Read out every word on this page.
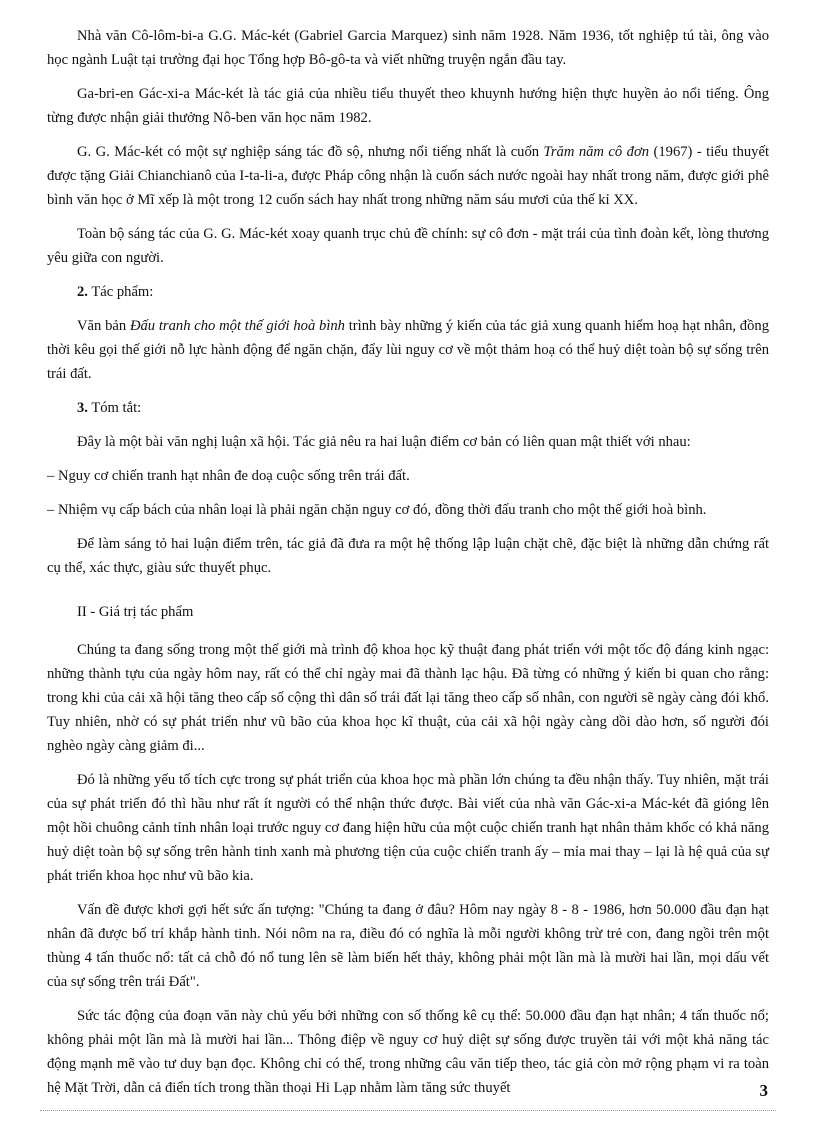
Nhà văn Cô-lôm-bi-a G.G. Mác-két (Gabriel Garcia Marquez) sinh năm 1928. Năm 1936, tốt nghiệp tú tài, ông vào học ngành Luật tại trường đại học Tổng hợp Bô-gô-ta và viết những truyện ngắn đầu tay.

Ga-bri-en Gác-xi-a Mác-két là tác giả của nhiều tiểu thuyết theo khuynh hướng hiện thực huyền ảo nổi tiếng. Ông từng được nhận giải thưởng Nô-ben văn học năm 1982.

G. G. Mác-két có một sự nghiệp sáng tác đồ sộ, nhưng nổi tiếng nhất là cuốn Trăm năm cô đơn (1967) - tiểu thuyết được tặng Giải Chianchianô của I-ta-li-a, được Pháp công nhận là cuốn sách nước ngoài hay nhất trong năm, được giới phê bình văn học ở Mĩ xếp là một trong 12 cuốn sách hay nhất trong những năm sáu mươi của thế kỉ XX.

Toàn bộ sáng tác của G. G. Mác-két xoay quanh trục chủ đề chính: sự cô đơn - mặt trái của tình đoàn kết, lòng thương yêu giữa con người.

2. Tác phẩm:

Văn bản Đấu tranh cho một thế giới hoà bình trình bày những ý kiến của tác giả xung quanh hiểm hoạ hạt nhân, đồng thời kêu gọi thế giới nỗ lực hành động để ngăn chặn, đẩy lùi nguy cơ về một thảm hoạ có thể huỷ diệt toàn bộ sự sống trên trái đất.

3. Tóm tắt:

Đây là một bài văn nghị luận xã hội. Tác giả nêu ra hai luận điểm cơ bản có liên quan mật thiết với nhau:

– Nguy cơ chiến tranh hạt nhân đe doạ cuộc sống trên trái đất.

– Nhiệm vụ cấp bách của nhân loại là phải ngăn chặn nguy cơ đó, đồng thời đấu tranh cho một thế giới hoà bình.

Để làm sáng tỏ hai luận điểm trên, tác giả đã đưa ra một hệ thống lập luận chặt chẽ, đặc biệt là những dẫn chứng rất cụ thể, xác thực, giàu sức thuyết phục.

II - Giá trị tác phẩm

Chúng ta đang sống trong một thế giới mà trình độ khoa học kỹ thuật đang phát triển với một tốc độ đáng kinh ngạc: những thành tựu của ngày hôm nay, rất có thể chỉ ngày mai đã thành lạc hậu. Đã từng có những ý kiến bi quan cho rằng: trong khi của cải xã hội tăng theo cấp số cộng thì dân số trái đất lại tăng theo cấp số nhân, con người sẽ ngày càng đói khổ. Tuy nhiên, nhờ có sự phát triển như vũ bão của khoa học kĩ thuật, của cải xã hội ngày càng dồi dào hơn, số người đói nghèo ngày càng giảm đi...

Đó là những yếu tố tích cực trong sự phát triển của khoa học mà phần lớn chúng ta đều nhận thấy. Tuy nhiên, mặt trái của sự phát triển đó thì hầu như rất ít người có thể nhận thức được. Bài viết của nhà văn Gác-xi-a Mác-két đã gióng lên một hồi chuông cảnh tỉnh nhân loại trước nguy cơ đang hiện hữu của một cuộc chiến tranh hạt nhân thảm khốc có khả năng huỷ diệt toàn bộ sự sống trên hành tinh xanh mà phương tiện của cuộc chiến tranh ấy – mỉa mai thay – lại là hệ quả của sự phát triển khoa học như vũ bão kia.

Vấn đề được khơi gợi hết sức ấn tượng: "Chúng ta đang ở đâu? Hôm nay ngày 8 - 8 - 1986, hơn 50.000 đầu đạn hạt nhân đã được bố trí khắp hành tinh. Nói nôm na ra, điều đó có nghĩa là mỗi người không trừ trẻ con, đang ngồi trên một thùng 4 tấn thuốc nổ: tất cả chỗ đó nổ tung lên sẽ làm biến hết thảy, không phải một lần mà là mười hai lần, mọi dấu vết của sự sống trên trái Đất".

Sức tác động của đoạn văn này chủ yếu bởi những con số thống kê cụ thể: 50.000 đầu đạn hạt nhân; 4 tấn thuốc nổ; không phải một lần mà là mười hai lần... Thông điệp về nguy cơ huỷ diệt sự sống được truyền tải với một khả năng tác động mạnh mẽ vào tư duy bạn đọc. Không chỉ có thế, trong những câu văn tiếp theo, tác giả còn mở rộng phạm vi ra toàn hệ Mặt Trời, dẫn cả điển tích trong thần thoại Hi Lạp nhằm làm tăng sức thuyết	3
